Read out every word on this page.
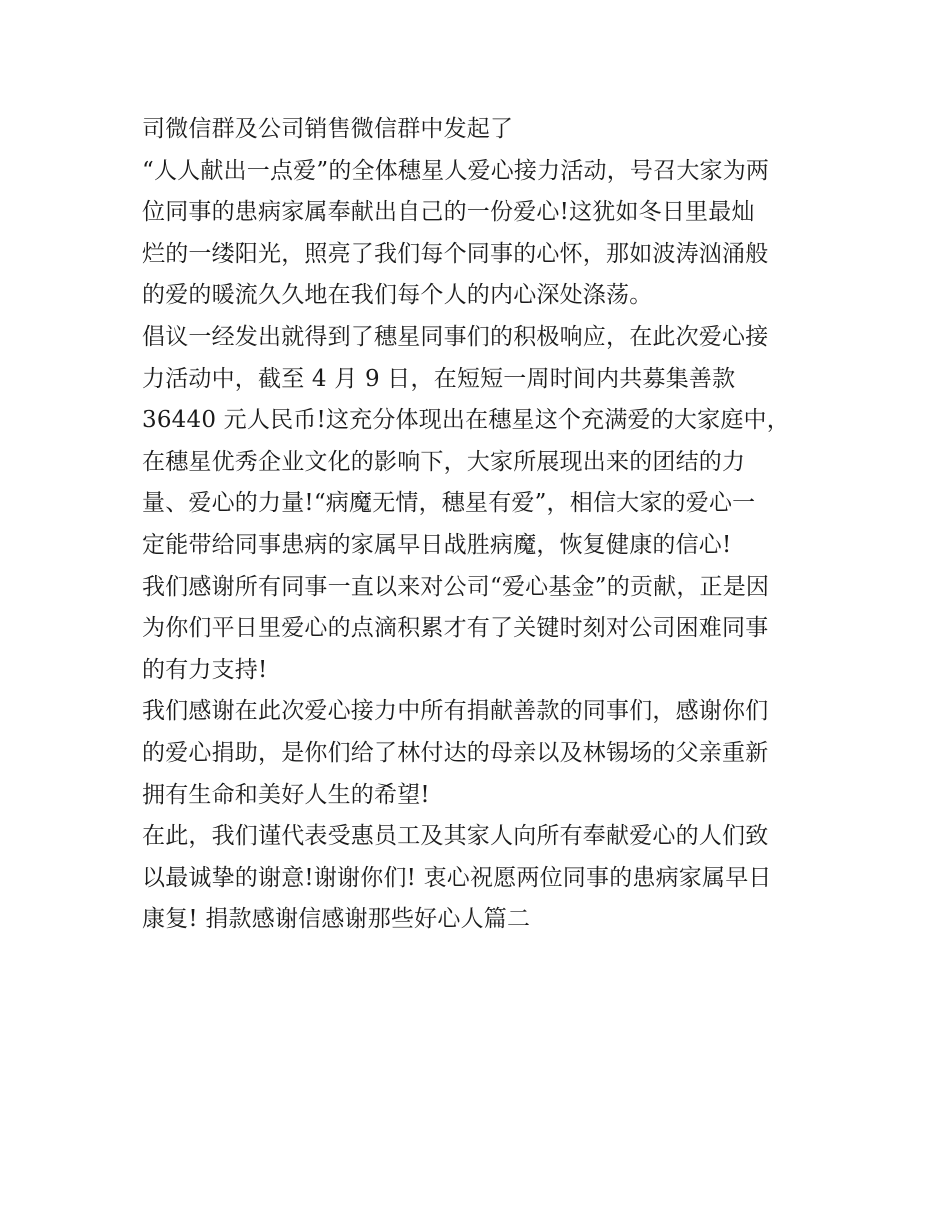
司微信群及公司销售微信群中发起了
“人人献出一点爱”的全体穗星人爱心接力活动，号召大家为两
位同事的患病家属奉献出自己的一份爱心!这犹如冬日里最灿
烂的一缕阳光，照亮了我们每个同事的心怀，那如波涛汹涌般
的爱的暖流久久地在我们每个人的内心深处涤荡。
倡议一经发出就得到了穗星同事们的积极响应，在此次爱心接
力活动中，截至 4 月 9 日，在短短一周时间内共募集善款
36440 元人民币!这充分体现出在穗星这个充满爱的大家庭中，
在穗星优秀企业文化的影响下，大家所展现出来的团结的力
量、爱心的力量!“病魔无情，穗星有爱”，相信大家的爱心一
定能带给同事患病的家属早日战胜病魔，恢复健康的信心!
我们感谢所有同事一直以来对公司“爱心基金”的贡献，正是因
为你们平日里爱心的点滴积累才有了关键时刻对公司困难同事
的有力支持!
我们感谢在此次爱心接力中所有捐献善款的同事们，感谢你们
的爱心捐助，是你们给了林付达的母亲以及林锡场的父亲重新
拥有生命和美好人生的希望!
在此，我们谨代表受惠员工及其家人向所有奉献爱心的人们致
以最诚挚的谢意!谢谢你们! 衷心祝愿两位同事的患病家属早日
康复! 捐款感谢信感谢那些好心人篇二
